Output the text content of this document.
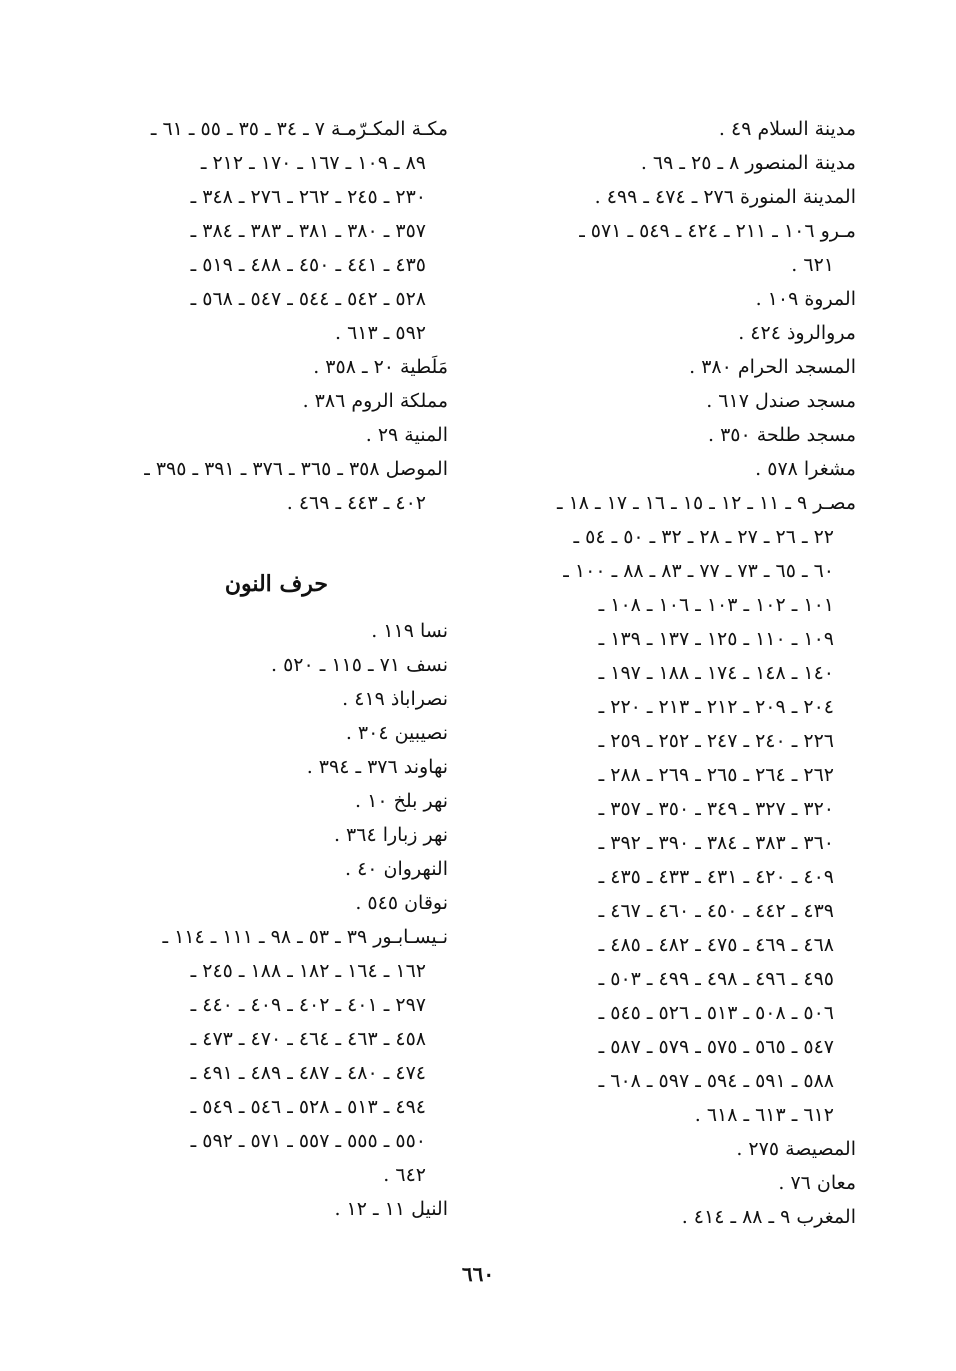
مدينة السلام ٤٩ .
مدينة المنصور ٨ ـ ٢٥ ـ ٦٩ .
المدينة المنورة ٢٧٦ ـ ٤٧٤ ـ ٤٩٩ .
مـرو ١٠٦ ـ ٢١١ ـ ٤٢٤ ـ ٥٤٩ ـ ٥٧١ ـ
٦٢١ .
المروة ١٠٩ .
مروالروذ ٤٢٤ .
المسجد الحرام ٣٨٠ .
مسجد صندل ٦١٧ .
مسجد طلحة ٣٥٠ .
مشغرا ٥٧٨ .
مصـر ٩ ـ ١١ ـ ١٢ ـ ١٥ ـ ١٦ ـ ١٧ ـ ١٨ ـ
٢٢ ـ ٢٦ ـ ٢٧ ـ ٢٨ ـ ٣٢ ـ ٥٠ ـ ٥٤ ـ
٦٠ ـ ٦٥ ـ ٧٣ ـ ٧٧ ـ ٨٣ ـ ٨٨ ـ ١٠٠ ـ
١٠١ ـ ١٠٢ ـ ١٠٣ ـ ١٠٦ ـ ١٠٨ ـ
١٠٩ ـ ١١٠ ـ ١٢٥ ـ ١٣٧ ـ ١٣٩ ـ
١٤٠ ـ ١٤٨ ـ ١٧٤ ـ ١٨٨ ـ ١٩٧ ـ
٢٠٤ ـ ٢٠٩ ـ ٢١٢ ـ ٢١٣ ـ ٢٢٠ ـ
٢٢٦ ـ ٢٤٠ ـ ٢٤٧ ـ ٢٥٢ ـ ٢٥٩ ـ
٢٦٢ ـ ٢٦٤ ـ ٢٦٥ ـ ٢٦٩ ـ ٢٨٨ ـ
٣٢٠ ـ ٣٢٧ ـ ٣٤٩ ـ ٣٥٠ ـ ٣٥٧ ـ
٣٦٠ ـ ٣٨٣ ـ ٣٨٤ ـ ٣٩٠ ـ ٣٩٢ ـ
٤٠٩ ـ ٤٢٠ ـ ٤٣١ ـ ٤٣٣ ـ ٤٣٥ ـ
٤٣٩ ـ ٤٤٢ ـ ٤٥٠ ـ ٤٦٠ ـ ٤٦٧ ـ
٤٦٨ ـ ٤٦٩ ـ ٤٧٥ ـ ٤٨٢ ـ ٤٨٥ ـ
٤٩٥ ـ ٤٩٦ ـ ٤٩٨ ـ ٤٩٩ ـ ٥٠٣ ـ
٥٠٦ ـ ٥٠٨ ـ ٥١٣ ـ ٥٢٦ ـ ٥٤٥ ـ
٥٤٧ ـ ٥٦٥ ـ ٥٧٥ ـ ٥٧٩ ـ ٥٨٧ ـ
٥٨٨ ـ ٥٩١ ـ ٥٩٤ ـ ٥٩٧ ـ ٦٠٨ ـ
٦١٢ ـ ٦١٣ ـ ٦١٨ .
المصيصة ٢٧٥ .
معان ٧٦ .
المغرب ٩ ـ ٨٨ ـ ٤١٤ .
مكـة المكـرّمـة ٧ ـ ٣٤ ـ ٣٥ ـ ٥٥ ـ ٦١ ـ
٨٩ ـ ١٠٩ ـ ١٦٧ ـ ١٧٠ ـ ٢١٢ ـ
٢٣٠ ـ ٢٤٥ ـ ٢٦٢ ـ ٢٧٦ ـ ٣٤٨ ـ
٣٥٧ ـ ٣٨٠ ـ ٣٨١ ـ ٣٨٣ ـ ٣٨٤ ـ
٤٣٥ ـ ٤٤١ ـ ٤٥٠ ـ ٤٨٨ ـ ٥١٩ ـ
٥٢٨ ـ ٥٤٢ ـ ٥٤٤ ـ ٥٤٧ ـ ٥٦٨ ـ
٥٩٢ ـ ٦١٣ .
مَلَطية ٢٠ ـ ٣٥٨ .
مملكة الروم ٣٨٦ .
المنية ٢٩ .
الموصل ٣٥٨ ـ ٣٦٥ ـ ٣٧٦ ـ ٣٩١ ـ ٣٩٥ ـ
٤٠٢ ـ ٤٤٣ ـ ٤٦٩ .
حرف النون
نسا ١١٩ .
نسف ٧١ ـ ١١٥ ـ ٥٢٠ .
نصراباذ ٤١٩ .
نصيبين ٣٠٤ .
نهاوند ٣٧٦ ـ ٣٩٤ .
نهر بلخ ١٠ .
نهر زبارا ٣٦٤ .
النهروان ٤٠ .
نوقان ٥٤٥ .
نـيسـابـور ٣٩ ـ ٥٣ ـ ٩٨ ـ ١١١ ـ ١١٤ ـ
١٦٢ ـ ١٦٤ ـ ١٨٢ ـ ١٨٨ ـ ٢٤٥ ـ
٢٩٧ ـ ٤٠١ ـ ٤٠٢ ـ ٤٠٩ ـ ٤٤٠ ـ
٤٥٨ ـ ٤٦٣ ـ ٤٦٤ ـ ٤٧٠ ـ ٤٧٣ ـ
٤٧٤ ـ ٤٨٠ ـ ٤٨٧ ـ ٤٨٩ ـ ٤٩١ ـ
٤٩٤ ـ ٥١٣ ـ ٥٢٨ ـ ٥٤٦ ـ ٥٤٩ ـ
٥٥٠ ـ ٥٥٥ ـ ٥٥٧ ـ ٥٧١ ـ ٥٩٢ ـ
٦٤٢ .
النيل ١١ ـ ١٢ .
٦٦٠
